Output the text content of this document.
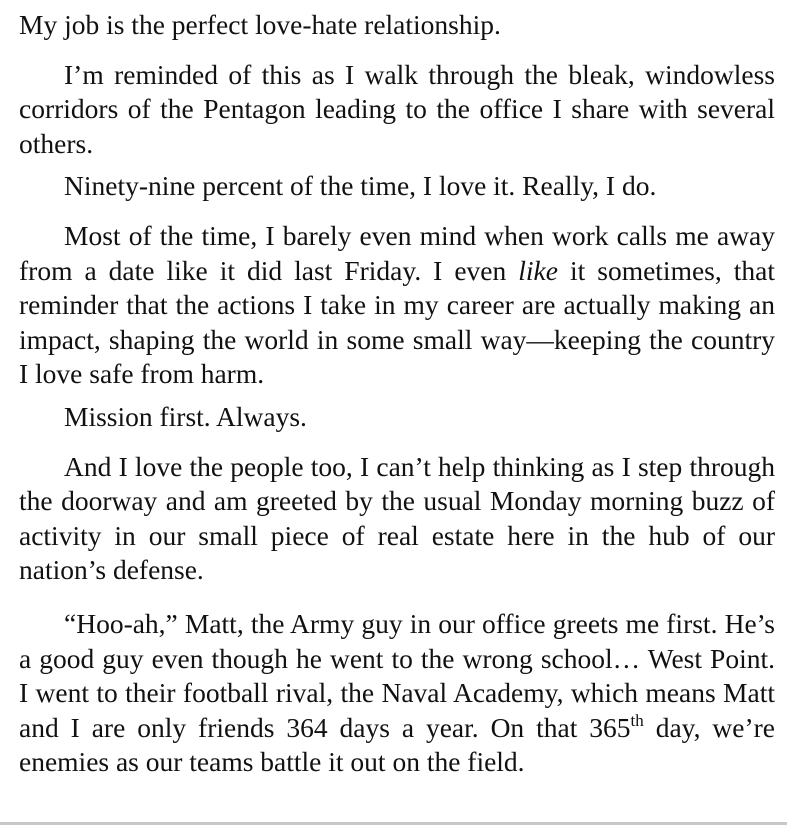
My job is the perfect love-hate relationship.

I’m reminded of this as I walk through the bleak, windowless corridors of the Pentagon leading to the office I share with several others.

Ninety-nine percent of the time, I love it. Really, I do.

Most of the time, I barely even mind when work calls me away from a date like it did last Friday. I even like it sometimes, that reminder that the actions I take in my career are actually making an impact, shaping the world in some small way—keeping the country I love safe from harm.

Mission first. Always.

And I love the people too, I can’t help thinking as I step through the doorway and am greeted by the usual Monday morning buzz of activity in our small piece of real estate here in the hub of our nation’s defense.

“Hoo-ah,” Matt, the Army guy in our office greets me first. He’s a good guy even though he went to the wrong school… West Point. I went to their football rival, the Naval Academy, which means Matt and I are only friends 364 days a year. On that 365th day, we’re enemies as our teams battle it out on the field.
